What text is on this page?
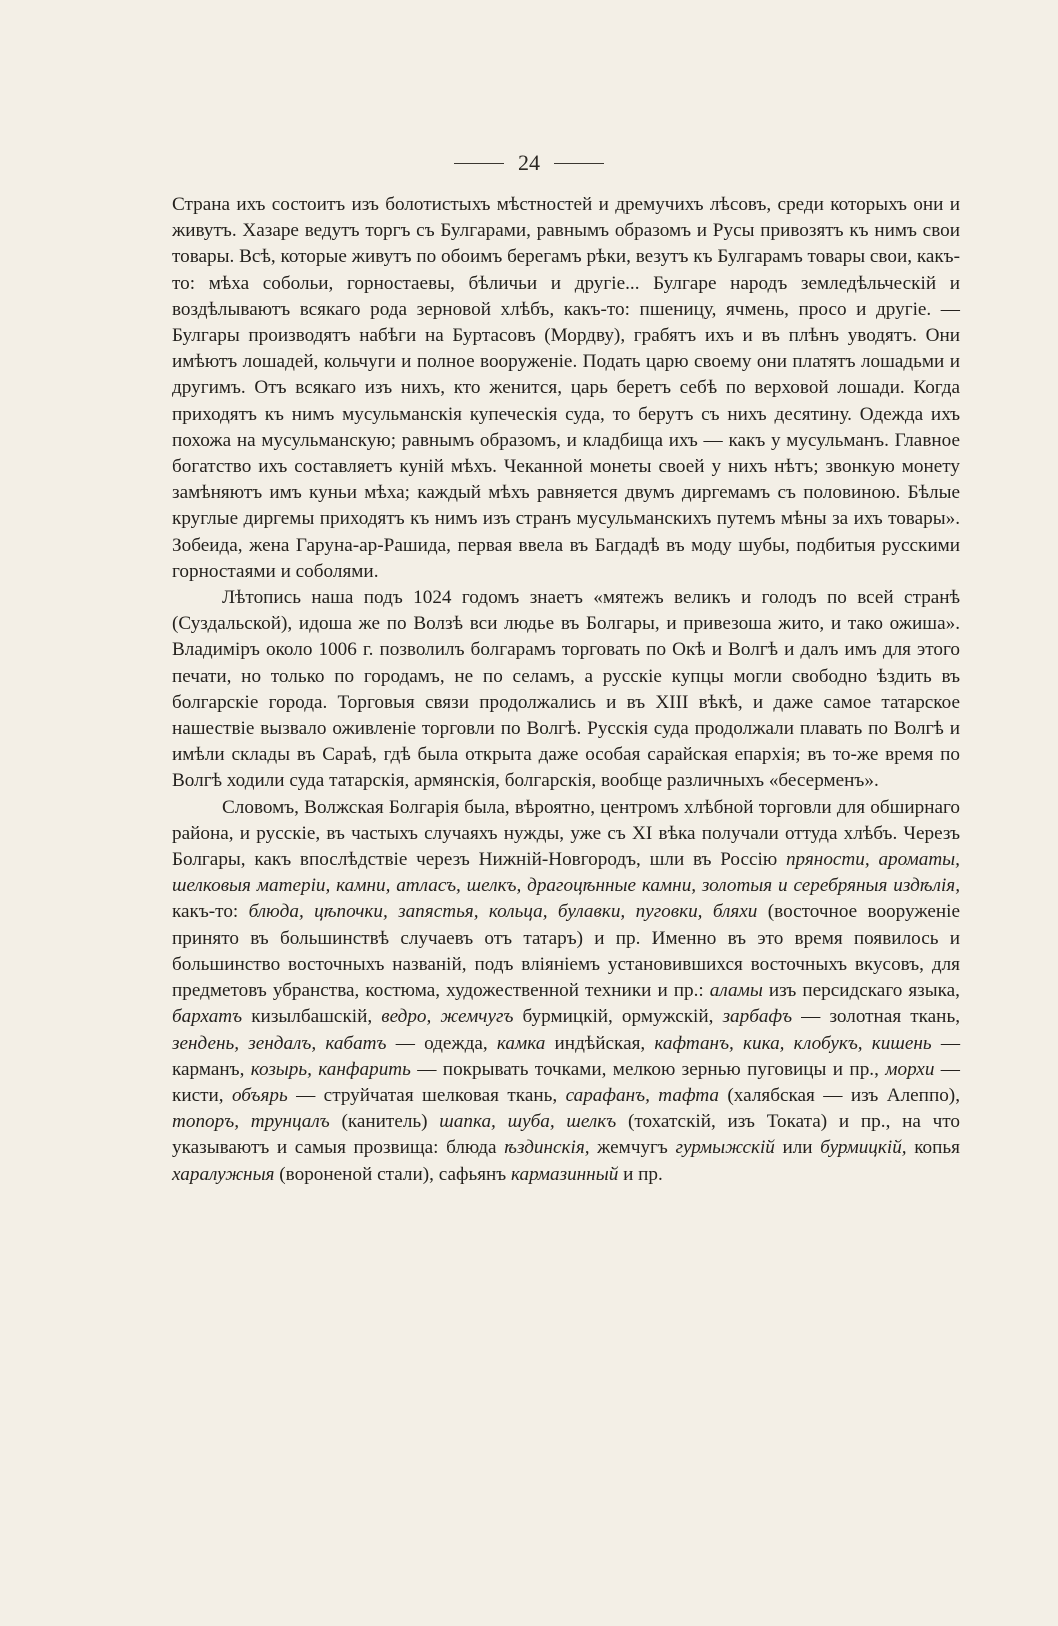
24

Страна ихъ состоитъ изъ болотистыхъ мѣстностей и дремучихъ лѣсовъ, среди которыхъ они и живутъ. Хазаре ведутъ торгъ съ Булгарами, равнымъ образомъ и Русы привозятъ къ нимъ свои товары. Всѣ, которые живутъ по обоимъ берегамъ рѣки, везутъ къ Булгарамъ товары свои, какъ-то: мѣха собольи, горностаевы, бѣличьи и другіе... Булгаре народъ земледѣльческій и воздѣлываютъ всякаго рода зерновой хлѣбъ, какъ-то: пшеницу, ячмень, просо и другіе. — Булгары производятъ набѣги на Буртасовъ (Мордву), грабятъ ихъ и въ плѣнъ уводятъ. Они имѣютъ лошадей, кольчуги и полное вооруженіе. Подать царю своему они платятъ лошадьми и другимъ. Отъ всякаго изъ нихъ, кто женится, царь беретъ себѣ по верховой лошади. Когда приходятъ къ нимъ мусульманскія купеческія суда, то берутъ съ нихъ десятину. Одежда ихъ похожа на мусульманскую; равнымъ образомъ, и кладбища ихъ — какъ у мусульманъ. Главное богатство ихъ составляетъ куній мѣхъ. Чеканной монеты своей у нихъ нѣтъ; звонкую монету замѣняютъ имъ куньи мѣха; каждый мѣхъ равняется двумъ диргемамъ съ половиною. Бѣлые круглые диргемы приходятъ къ нимъ изъ странъ мусульманскихъ путемъ мѣны за ихъ товары». Зобеида, жена Гаруна-ар-Рашида, первая ввела въ Багдадѣ въ моду шубы, подбитыя русскими горностаями и соболями.

Лѣтопись наша подъ 1024 годомъ знаетъ «мятежъ великъ и голодъ по всей странѣ (Суздальской), идоша же по Волзѣ вси людье въ Болгары, и привезоша жито, и тако ожиша». Владиміръ около 1006 г. позволилъ болгарамъ торговать по Окѣ и Волгѣ и далъ имъ для этого печати, но только по городамъ, не по селамъ, а русскіе купцы могли свободно ѣздить въ болгарскіе города. Торговыя связи продолжались и въ XIII вѣкѣ, и даже самое татарское нашествіе вызвало оживленіе торговли по Волгѣ. Русскія суда продолжали плавать по Волгѣ и имѣли склады въ Сараѣ, гдѣ была открыта даже особая сарайская епархія; въ то-же время по Волгѣ ходили суда татарскія, армянскія, болгарскія, вообще различныхъ «бесерменъ».

Словомъ, Волжская Болгарія была, вѣроятно, центромъ хлѣбной торговли для обширнаго района, и русскіе, въ частыхъ случаяхъ нужды, уже съ XI вѣка получали оттуда хлѣбъ. Черезъ Болгары, какъ впослѣдствіе черезъ Нижній-Новгородъ, шли въ Россію пряности, ароматы, шелковыя матеріи, камни, атласъ, шелкъ, драгоцѣнные камни, золотыя и серебряныя издѣлія, какъ-то: блюда, цѣпочки, запястья, кольца, булавки, пуговки, бляхи (восточное вооруженіе принято въ большинствѣ случаевъ отъ татаръ) и пр. Именно въ это время появилось и большинство восточныхъ названій, подъ вліяніемъ установившихся восточныхъ вкусовъ, для предметовъ убранства, костюма, художественной техники и пр.: аламы изъ персидскаго языка, бархатъ кизылбашскій, ведро, жемчугъ бурмицкій, ормужскій, зарбафъ — золотная ткань, зендень, зендалъ, кабатъ — одежда, камка индѣйская, кафтанъ, кика, клобукъ, кишень — карманъ, козырь, канфарить — покрывать точками, мелкою зернью пуговицы и пр., морхи — кисти, объярь — струйчатая шелковая ткань, сарафанъ, тафта (халябская — изъ Алеппо), топоръ, трунцалъ (канитель) шапка, шуба, шелкъ (тохатскій, изъ Токата) и пр., на что указываютъ и самыя прозвища: блюда ѣздинскія, жемчугъ гурмыжскій или бурмицкій, копья харалужныя (вороненой стали), сафьянъ кармазинный и пр.
